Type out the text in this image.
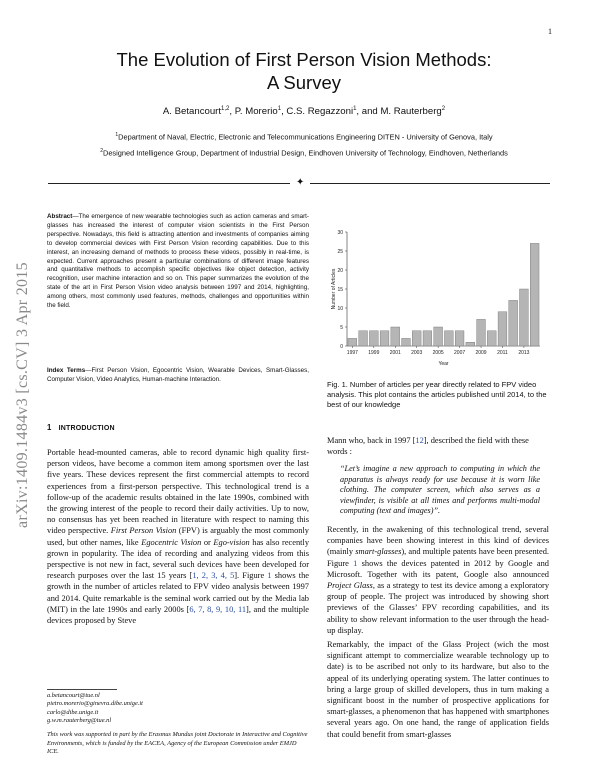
1
arXiv:1409.1484v3 [cs.CV] 3 Apr 2015
The Evolution of First Person Vision Methods:
A Survey
A. Betancourt$^{1,2}$, P. Morerio$^1$, C.S. Regazzoni$^1$, and M. Rauterberg$^2$
$^1$Department of Naval, Electric, Electronic and Telecommunications Engineering DITEN - University of Genova, Italy
$^2$Designed Intelligence Group, Department of Industrial Design, Eindhoven University of Technology, Eindhoven, Netherlands
✦
Abstract—The emergence of new wearable technologies such as action cameras and smart-glasses has increased the interest of computer vision scientists in the First Person perspective. Nowadays, this field is attracting attention and investments of companies aiming to develop commercial devices with First Person Vision recording capabilities. Due to this interest, an increasing demand of methods to process these videos, possibly in real-time, is expected. Current approaches present a particular combinations of different image features and quantitative methods to accomplish specific objectives like object detection, activity recognition, user machine interaction and so on. This paper summarizes the evolution of the state of the art in First Person Vision video analysis between 1997 and 2014, highlighting, among others, most commonly used features, methods, challenges and opportunities within the field.
Index Terms—First Person Vision, Egocentric Vision, Wearable Devices, Smart-Glasses, Computer Vision, Video Analytics, Human-machine Interaction.
1 INTRODUCTION
Portable head-mounted cameras, able to record dynamic high quality first-person videos, have become a common item among sportsmen over the last five years. These devices represent the first commercial attempts to record experiences from a first-person perspective. This technological trend is a follow-up of the academic results obtained in the late 1990s, combined with the growing interest of the people to record their daily activities. Up to now, no consensus has yet been reached in literature with respect to naming this video perspective. First Person Vision (FPV) is arguably the most commonly used, but other names, like Egocentric Vision or Ego-vision has also recently grown in popularity. The idea of recording and analyzing videos from this perspective is not new in fact, several such devices have been developed for research purposes over the last 15 years [1, 2, 3, 4, 5]. Figure 1 shows the growth in the number of articles related to FPV video analysis between 1997 and 2014. Quite remarkable is the seminal work carried out by the Media lab (MIT) in the late 1990s and early 2000s [6, 7, 8, 9, 10, 11], and the multiple devices proposed by Steve
a.betancourt@tue.nl
pietro.morerio@ginevra.dibe.unige.it
carlo@dibe.unige.it
g.w.m.rauterberg@tue.nl
This work was supported in part by the Erasmus Mundus joint Doctorate in Interactive and Cognitive Environments, which is funded by the EACEA, Agency of the European Commission under EMJD ICE.
0
5
10
15
20
25
30
1997 1999 2001 2003 2005 2007 2009 2011 2013
Year
Number of Articles
Fig. 1. Number of articles per year directly related to FPV video analysis. This plot contains the articles published until 2014, to the best of our knowledge
Mann who, back in 1997 [12], described the field with these words :
“Let’s imagine a new approach to computing in which the apparatus is always ready for use because it is worn like clothing. The computer screen, which also serves as a viewfinder, is visible at all times and performs multi-modal computing (text and images)”.
Recently, in the awakening of this technological trend, several companies have been showing interest in this kind of devices (mainly smart-glasses), and multiple patents have been presented. Figure 1 shows the devices patented in 2012 by Google and Microsoft. Together with its patent, Google also announced Project Glass, as a strategy to test its device among a exploratory group of people. The project was introduced by showing short previews of the Glasses’ FPV recording capabilities, and its ability to show relevant information to the user through the head-up display.
Remarkably, the impact of the Glass Project (wich the most significant attempt to commercialize wearable technology up to date) is to be ascribed not only to its hardware, but also to the appeal of its underlying operating system. The latter continues to bring a large group of skilled developers, thus in turn making a significant boost in the number of prospective applications for smart-glasses, a phenomenon that has happened with smartphones several years ago. On one hand, the range of application fields that could benefit from smart-glasses
